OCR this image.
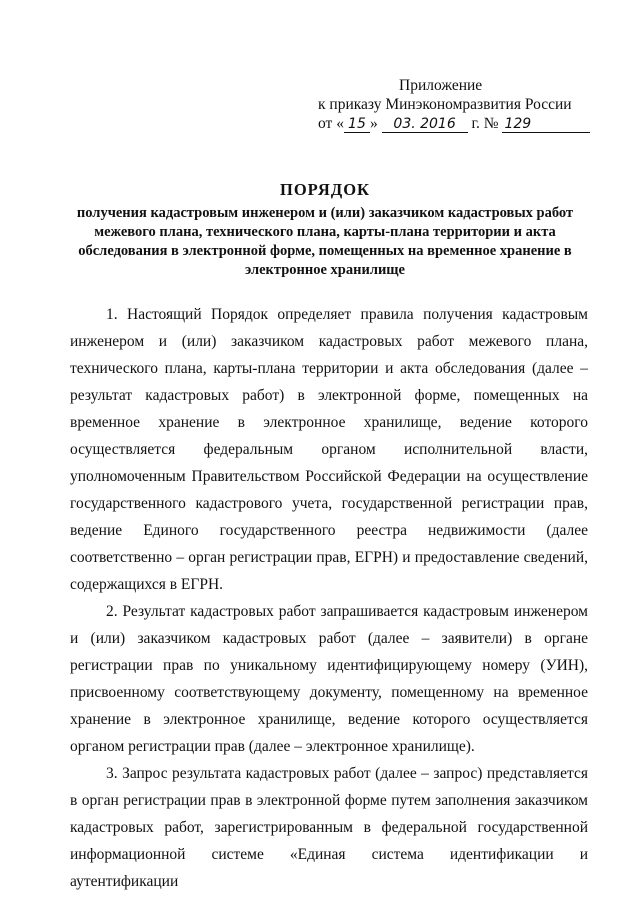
Приложение
к приказу Минэкономразвития России
от « 15 » 03. 2016 г. № 129
ПОРЯДОК
получения кадастровым инженером и (или) заказчиком кадастровых работ межевого плана, технического плана, карты-плана территории и акта обследования в электронной форме, помещенных на временное хранение в электронное хранилище

1. Настоящий Порядок определяет правила получения кадастровым инженером и (или) заказчиком кадастровых работ межевого плана, технического плана, карты-плана территории и акта обследования (далее – результат кадастровых работ) в электронной форме, помещенных на временное хранение в электронное хранилище, ведение которого осуществляется федеральным органом исполнительной власти, уполномоченным Правительством Российской Федерации на осуществление государственного кадастрового учета, государственной регистрации прав, ведение Единого государственного реестра недвижимости (далее соответственно – орган регистрации прав, ЕГРН) и предоставление сведений, содержащихся в ЕГРН.

2. Результат кадастровых работ запрашивается кадастровым инженером и (или) заказчиком кадастровых работ (далее – заявители) в органе регистрации прав по уникальному идентифицирующему номеру (УИН), присвоенному соответствующему документу, помещенному на временное хранение в электронное хранилище, ведение которого осуществляется органом регистрации прав (далее – электронное хранилище).

3. Запрос результата кадастровых работ (далее – запрос) представляется в орган регистрации прав в электронной форме путем заполнения заказчиком кадастровых работ, зарегистрированным в федеральной государственной информационной системе «Единая система идентификации и аутентификации
